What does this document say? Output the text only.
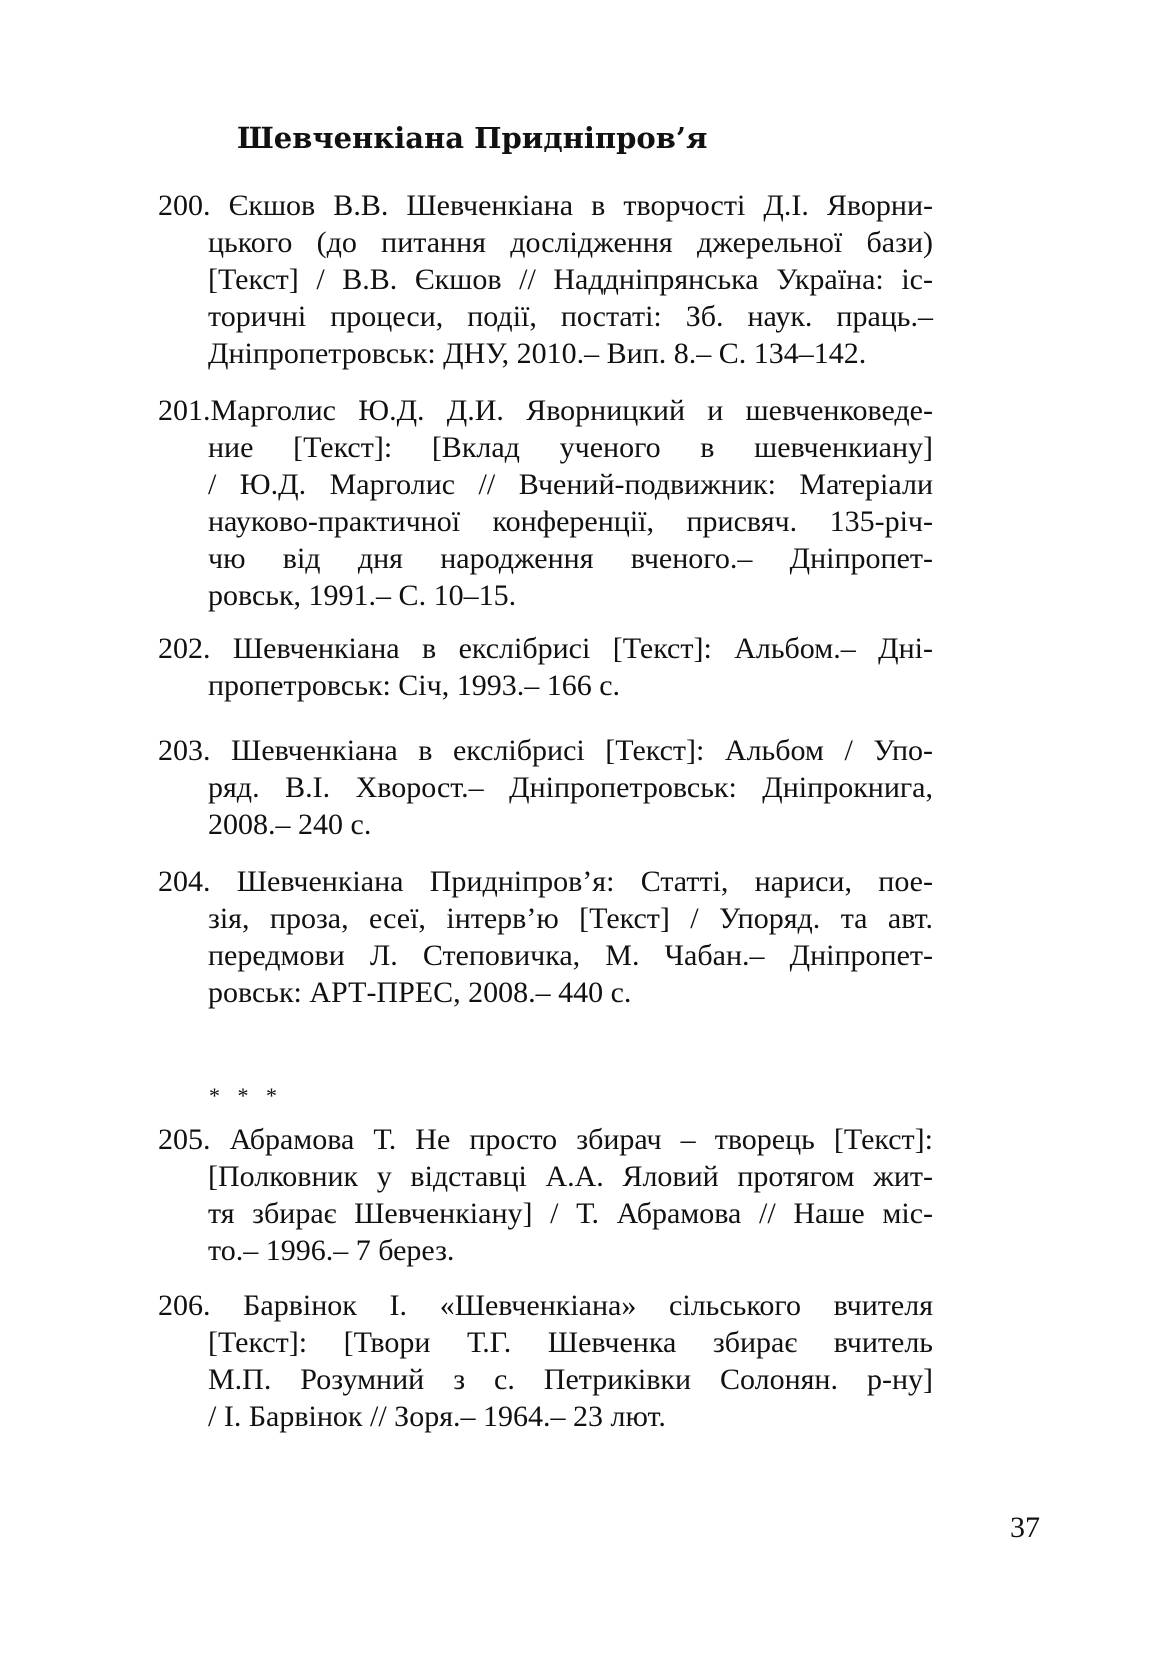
Шевченкіана Придніпров’я
200. Єкшов В.В. Шевченкіана в творчості Д.І. Яворни-
цького (до питання дослідження джерельної бази)
[Текст] / В.В. Єкшов // Наддніпрянська Україна: іс-
торичні процеси, події, постаті: Зб. наук. праць.–
Дніпропетровськ: ДНУ, 2010.– Вип. 8.– С. 134–142.
201.Марголис Ю.Д. Д.И. Яворницкий и шевченковеде-
ние [Текст]: [Вклад ученого в шевченкиану]
/ Ю.Д. Марголис // Вчений-подвижник: Матеріали
науково-практичної конференції, присвяч. 135-річ-
чю від дня народження вченого.– Дніпропет-
ровськ, 1991.– С. 10–15.
202. Шевченкіана в екслібрисі [Текст]: Альбом.– Дні-
пропетровськ: Січ, 1993.– 166 с.
203. Шевченкіана в екслібрисі [Текст]: Альбом / Упо-
ряд. В.І. Хворост.– Дніпропетровськ: Дніпрокнига,
2008.– 240 с.
204. Шевченкіана Придніпров’я: Статті, нариси, пое-
зія, проза, есеї, інтерв’ю [Текст] / Упоряд. та авт.
передмови Л. Степовичка, М. Чабан.– Дніпропет-
ровськ: АРТ-ПРЕС, 2008.– 440 с.
* * *
205. Абрамова Т. Не просто збирач – творець [Текст]:
[Полковник у відставці А.А. Яловий протягом жит-
тя збирає Шевченкіану] / Т. Абрамова // Наше міс-
то.– 1996.– 7 берез.
206. Барвінок І. «Шевченкіана» сільського вчителя
[Текст]: [Твори Т.Г. Шевченка збирає вчитель
М.П. Розумний з с. Петриківки Солонян. р-ну]
/ І. Барвінок // Зоря.– 1964.– 23 лют.
37
